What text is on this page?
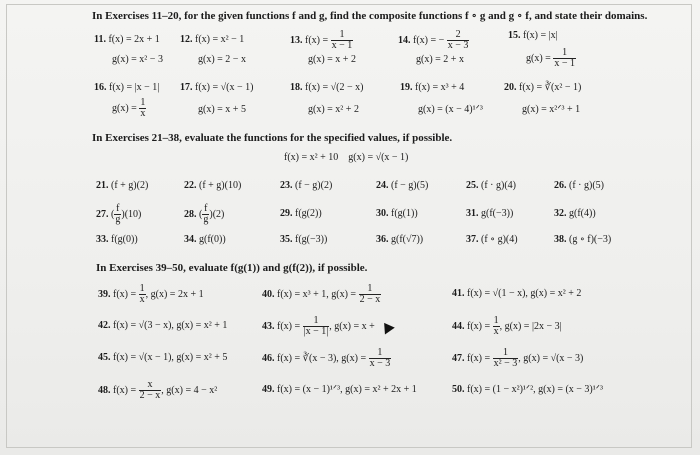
In Exercises 11–20, for the given functions f and g, find the composite functions f ∘ g and g ∘ f, and state their domains.
11. f(x) = 2x + 1
g(x) = x² − 3
12. f(x) = x² − 1
g(x) = 2 − x
13. $f(x) = \frac{1}{x - 1}$
g(x) = x + 2
14. f(x) = − $\frac{2}{x - 3}$
g(x) = 2 + x
15. f(x) = |x|
$g(x) = \frac{1}{x - 1}$
16. f(x) = |x − 1|
$g(x) = \frac{1}{x}$
17. f(x) = √(x − 1)
g(x) = x + 5
18. f(x) = √(2 − x)
g(x) = x² + 2
19. f(x) = x³ + 4
g(x) = (x − 4)¹ᐟ³
20. f(x) = ∛(x² − 1)
g(x) = x²ᐟ³ + 1
In Exercises 21–38, evaluate the functions for the specified values, if possible.
f(x) = x² + 10 g(x) = √(x − 1)
21. (f + g)(2)	22. (f + g)(10)	23. (f − g)(2)	24. (f − g)(5)	25. (f · g)(4)	26. (f · g)(5)
27. ( $\frac{f}{g} )(10)$	28. ( $\frac{f}{g} )(2)$	29. f(g(2))	30. f(g(1))	31. g(f(−3))	32. g(f(4))
33. f(g(0))	34. g(f(0))	35. f(g(−3))	36. g(f(√7))	37. (f ∘ g)(4)	38. (g ∘ f)(−3)
In Exercises 39–50, evaluate f(g(1)) and g(f(2)), if possible.
39. $f(x) = \frac{1}{x}$ , g(x) = 2x + 1	40. f(x) = x³ + 1, $g(x) = \frac{1}{2 - x}$	41. f(x) = √(1 − x), g(x) = x² + 2
42. f(x) = √(3 − x), g(x) = x² + 1	43. $f(x) = \frac{1}{|x - 1|}$ , g(x) = x +	44. $f(x) = \frac{1}{x}$ , g(x) = |2x − 3|
45. f(x) = √(x − 1), g(x) = x² + 5	46. f(x) = ∛(x − 3), $g(x) = \frac{1}{x - 3}$	47. $f(x) = \frac{1}{\text{x² − 3}}$ , g(x) = √(x − 3)
48. $f(x) = \frac{x}{2 - x}$ , g(x) = 4 − x²	49. f(x) = (x − 1)¹ᐟ³, g(x) = x² + 2x + 1	50. f(x) = (1 − x²)¹ᐟ², g(x) = (x − 3)¹ᐟ³
